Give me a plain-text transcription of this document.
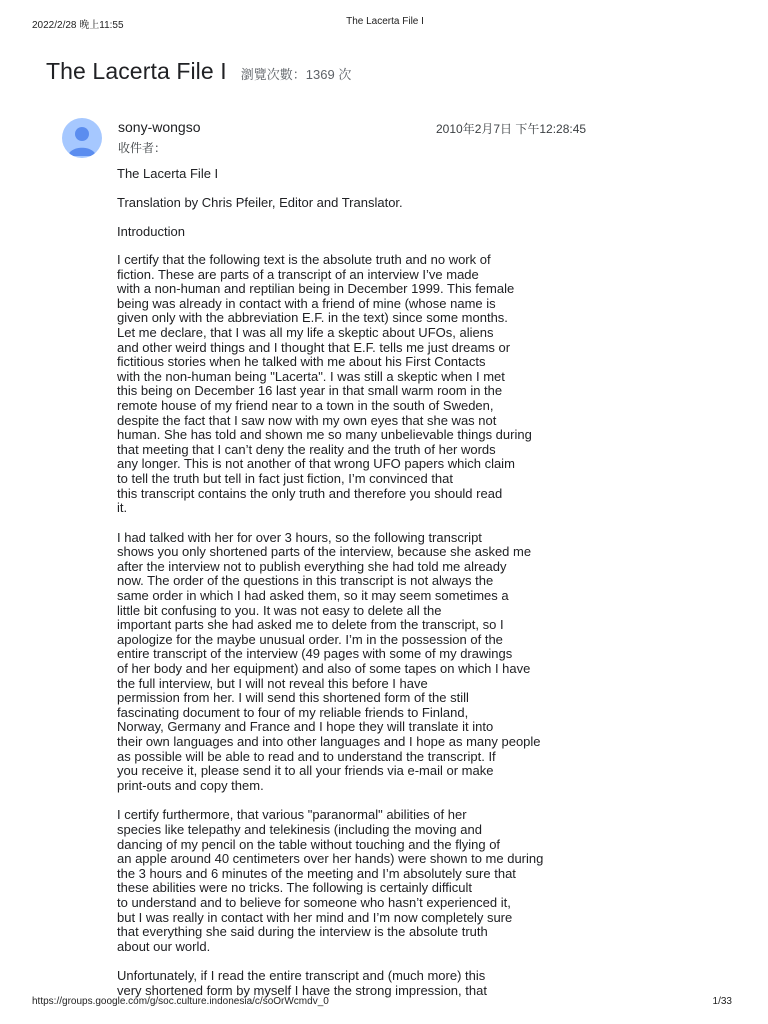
2022/2/28 晚上11:55	The Lacerta File I
The Lacerta File I 瀏覽次數：1369 次
sony-wongso
收件者：
2010年2月7日 下午12:28:45
The Lacerta File I
Translation by Chris Pfeiler, Editor and Translator.
Introduction
I certify that the following text is the absolute truth and no work of
fiction. These are parts of a transcript of an interview I’ve made
with a non-human and reptilian being in December 1999. This female
being was already in contact with a friend of mine (whose name is
given only with the abbreviation E.F. in the text) since some months.
Let me declare, that I was all my life a skeptic about UFOs, aliens
and other weird things and I thought that E.F. tells me just dreams or
fictitious stories when he talked with me about his First Contacts
with the non-human being "Lacerta". I was still a skeptic when I met
this being on December 16 last year in that small warm room in the
remote house of my friend near to a town in the south of Sweden,
despite the fact that I saw now with my own eyes that she was not
human. She has told and shown me so many unbelievable things during
that meeting that I can’t deny the reality and the truth of her words
any longer. This is not another of that wrong UFO papers which claim
to tell the truth but tell in fact just fiction, I’m convinced that
this transcript contains the only truth and therefore you should read
it.
I had talked with her for over 3 hours, so the following transcript
shows you only shortened parts of the interview, because she asked me
after the interview not to publish everything she had told me already
now. The order of the questions in this transcript is not always the
same order in which I had asked them, so it may seem sometimes a
little bit confusing to you. It was not easy to delete all the
important parts she had asked me to delete from the transcript, so I
apologize for the maybe unusual order. I’m in the possession of the
entire transcript of the interview (49 pages with some of my drawings
of her body and her equipment) and also of some tapes on which I have
the full interview, but I will not reveal this before I have
permission from her. I will send this shortened form of the still
fascinating document to four of my reliable friends to Finland,
Norway, Germany and France and I hope they will translate it into
their own languages and into other languages and I hope as many people
as possible will be able to read and to understand the transcript. If
you receive it, please send it to all your friends via e-mail or make
print-outs and copy them.
I certify furthermore, that various "paranormal" abilities of her
species like telepathy and telekinesis (including the moving and
dancing of my pencil on the table without touching and the flying of
an apple around 40 centimeters over her hands) were shown to me during
the 3 hours and 6 minutes of the meeting and I’m absolutely sure that
these abilities were no tricks. The following is certainly difficult
to understand and to believe for someone who hasn’t experienced it,
but I was really in contact with her mind and I’m now completely sure
that everything she said during the interview is the absolute truth
about our world.
Unfortunately, if I read the entire transcript and (much more) this
very shortened form by myself I have the strong impression, that
https://groups.google.com/g/soc.culture.indonesia/c/soOrWcmdv_0	1/33
